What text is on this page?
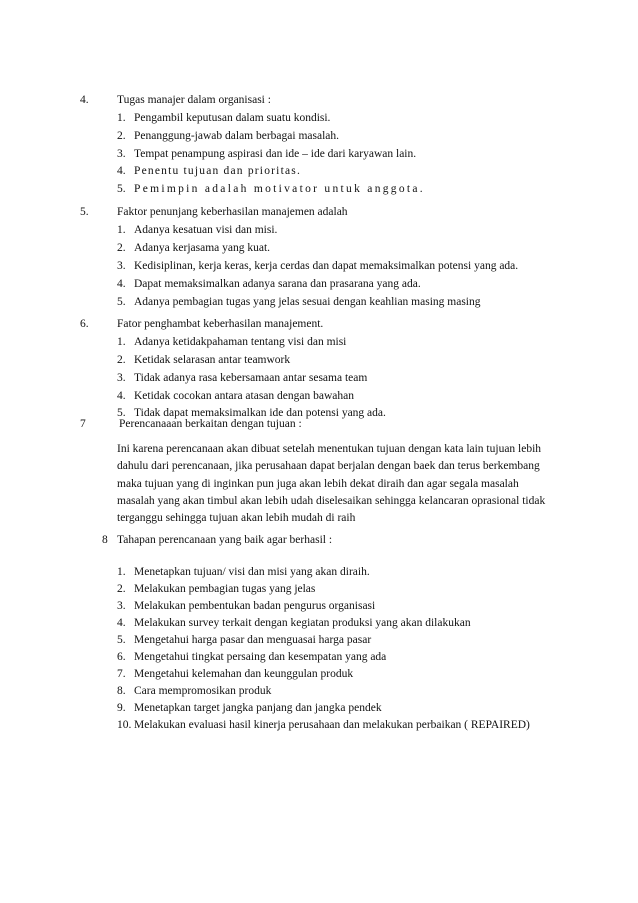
4. Tugas manajer dalam organisasi :
1. Pengambil keputusan dalam suatu kondisi.
2. Penanggung-jawab dalam berbagai masalah.
3. Tempat penampung aspirasi dan ide – ide dari karyawan lain.
4. Penentu tujuan dan prioritas.
5. Pemimpin adalah motivator untuk anggota.
5. Faktor penunjang keberhasilan manajemen adalah
1. Adanya kesatuan visi dan misi.
2. Adanya kerjasama yang kuat.
3. Kedisiplinan, kerja keras, kerja cerdas dan dapat memaksimalkan potensi yang ada.
4. Dapat memaksimalkan adanya sarana dan prasarana yang ada.
5. Adanya pembagian tugas yang jelas sesuai dengan keahlian masing masing
6. Fator penghambat keberhasilan manajement.
1. Adanya ketidakpahaman tentang visi dan misi
2. Ketidak selarasan antar teamwork
3. Tidak adanya rasa kebersamaan antar sesama team
4. Ketidak cocokan antara atasan dengan bawahan
5. Tidak dapat memaksimalkan ide dan potensi yang ada.
7	Perencanaaan berkaitan dengan tujuan :
Ini karena perencanaan akan dibuat setelah menentukan tujuan dengan kata lain tujuan lebih
dahulu dari perencanaan, jika perusahaan dapat berjalan dengan baek dan terus berkembang
maka tujuan yang di inginkan pun juga akan lebih dekat diraih dan agar segala masalah
masalah yang akan timbul akan lebih udah diselesaikan sehingga kelancaran oprasional tidak
terganggu sehingga tujuan akan lebih mudah di raih
8 Tahapan perencanaan yang baik agar berhasil :
1. Menetapkan tujuan/ visi dan misi yang akan diraih.
2. Melakukan pembagian tugas yang jelas
3. Melakukan pembentukan badan pengurus organisasi
4. Melakukan survey terkait dengan kegiatan produksi yang akan dilakukan
5. Mengetahui harga pasar dan menguasai harga pasar
6. Mengetahui tingkat persaing dan kesempatan yang ada
7. Mengetahui kelemahan dan keunggulan produk
8. Cara mempromosikan produk
9. Menetapkan target jangka panjang dan jangka pendek
10. Melakukan evaluasi hasil kinerja perusahaan dan melakukan perbaikan ( REPAIRED)
